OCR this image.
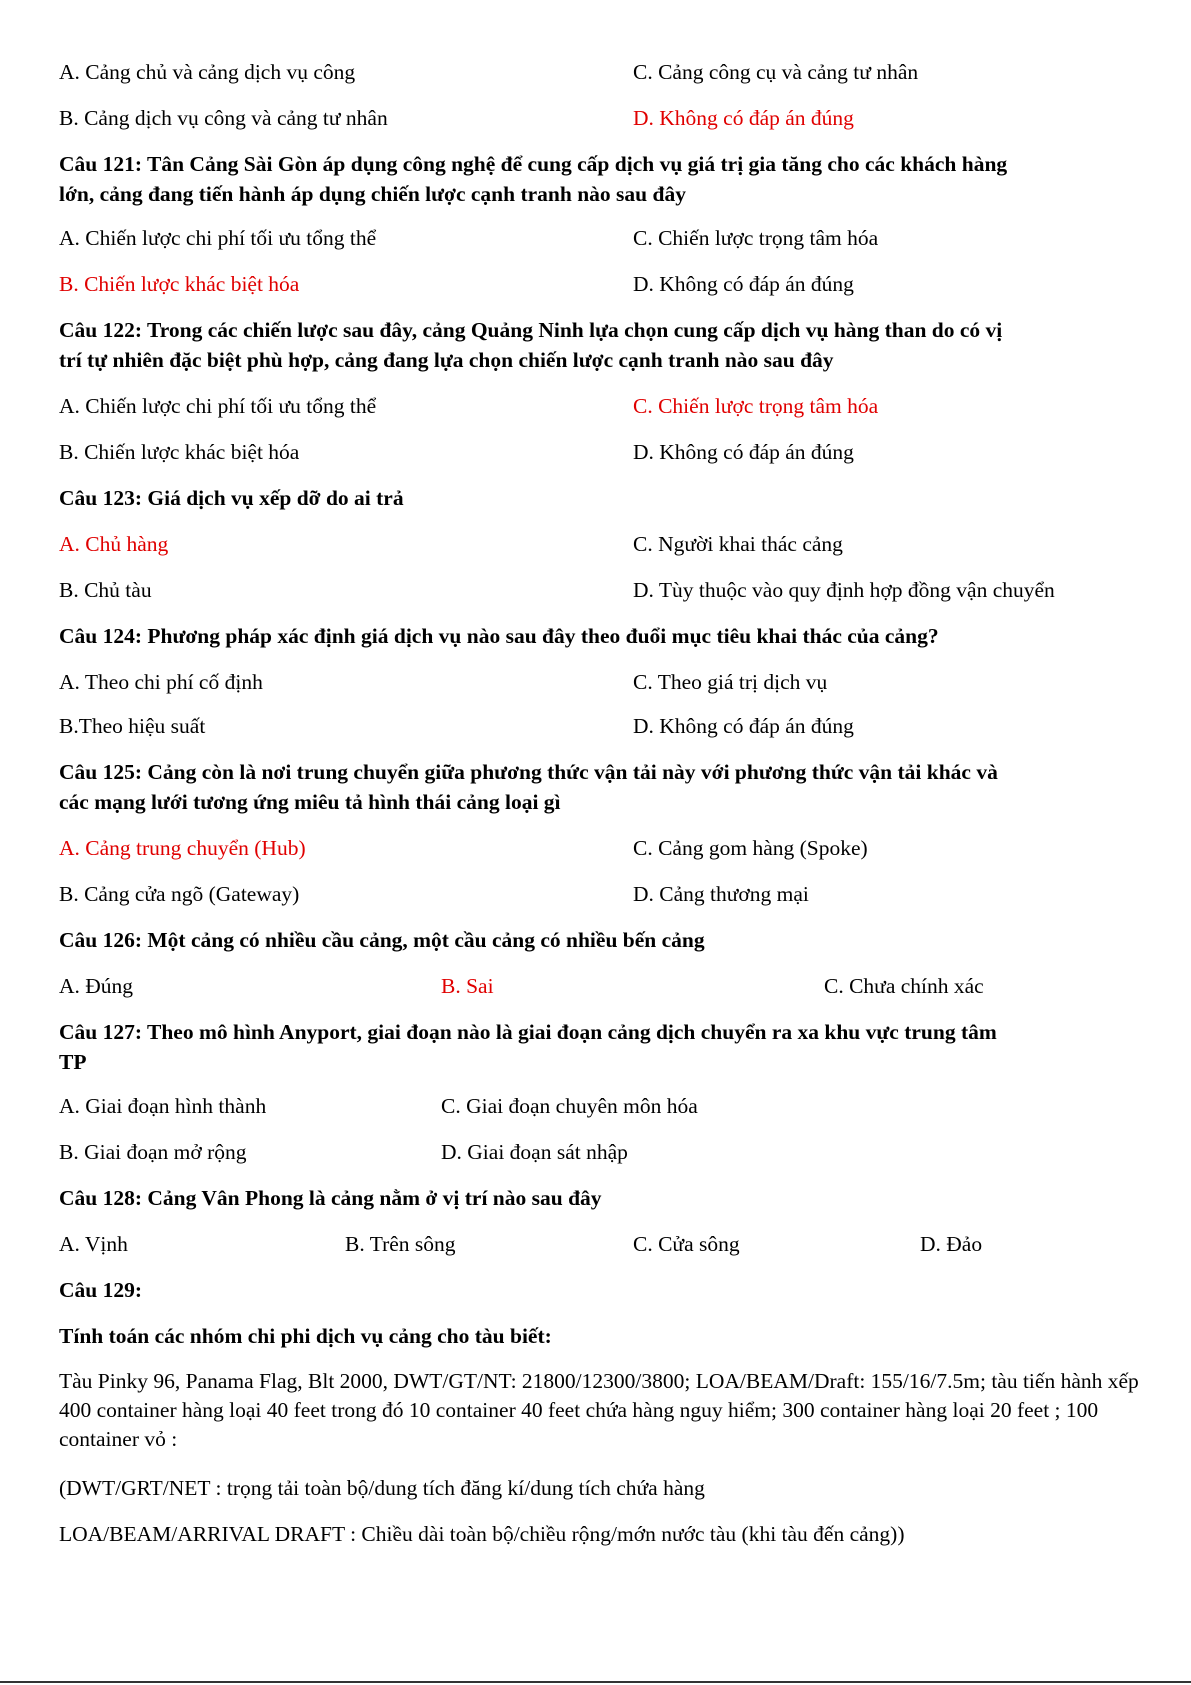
A. Cảng chủ và cảng dịch vụ công	C. Cảng công cụ và cảng tư nhân
B. Cảng dịch vụ công và cảng tư nhân	D. Không có đáp án đúng
Câu 121: Tân Cảng Sài Gòn áp dụng công nghệ để cung cấp dịch vụ giá trị gia tăng cho các khách hàng
lớn, cảng đang tiến hành áp dụng chiến lược cạnh tranh nào sau đây
A. Chiến lược chi phí tối ưu tổng thể	C. Chiến lược trọng tâm hóa
B. Chiến lược khác biệt hóa	D. Không có đáp án đúng
Câu 122: Trong các chiến lược sau đây, cảng Quảng Ninh lựa chọn cung cấp dịch vụ hàng than do có vị
trí tự nhiên đặc biệt phù hợp, cảng đang lựa chọn chiến lược cạnh tranh nào sau đây
A. Chiến lược chi phí tối ưu tổng thể	C. Chiến lược trọng tâm hóa
B. Chiến lược khác biệt hóa	D. Không có đáp án đúng
Câu 123: Giá dịch vụ xếp dỡ do ai trả
A. Chủ hàng	C. Người khai thác cảng
B. Chủ tàu	D. Tùy thuộc vào quy định hợp đồng vận chuyển
Câu 124: Phương pháp xác định giá dịch vụ nào sau đây theo đuổi mục tiêu khai thác của cảng?
A. Theo chi phí cố định	C. Theo giá trị dịch vụ
B.Theo hiệu suất	D. Không có đáp án đúng
Câu 125: Cảng còn là nơi trung chuyển giữa phương thức vận tải này với phương thức vận tải khác và
các mạng lưới tương ứng miêu tả hình thái cảng loại gì
A. Cảng trung chuyển (Hub)	C. Cảng gom hàng (Spoke)
B. Cảng cửa ngõ (Gateway)	D. Cảng thương mại
Câu 126: Một cảng có nhiều cầu cảng, một cầu cảng có nhiều bến cảng
A. Đúng	B. Sai	C. Chưa chính xác
Câu 127: Theo mô hình Anyport, giai đoạn nào là giai đoạn cảng dịch chuyển ra xa khu vực trung tâm
TP
A. Giai đoạn hình thành	C. Giai đoạn chuyên môn hóa
B. Giai đoạn mở rộng	D. Giai đoạn sát nhập
Câu 128: Cảng Vân Phong là cảng nằm ở vị trí nào sau đây
A. Vịnh	B. Trên sông	C. Cửa sông	D. Đảo
Câu 129:
Tính toán các nhóm chi phi dịch vụ cảng cho tàu biết:
Tàu Pinky 96, Panama Flag, Blt 2000, DWT/GT/NT: 21800/12300/3800; LOA/BEAM/Draft: 155/16/7.5m; tàu tiến hành xếp 400 container hàng loại 40 feet trong đó 10 container 40 feet chứa hàng nguy hiểm; 300 container hàng loại 20 feet ; 100 container vỏ :
(DWT/GRT/NET : trọng tải toàn bộ/dung tích đăng kí/dung tích chứa hàng
LOA/BEAM/ARRIVAL DRAFT : Chiều dài toàn bộ/chiều rộng/mớn nước tàu (khi tàu đến cảng))
